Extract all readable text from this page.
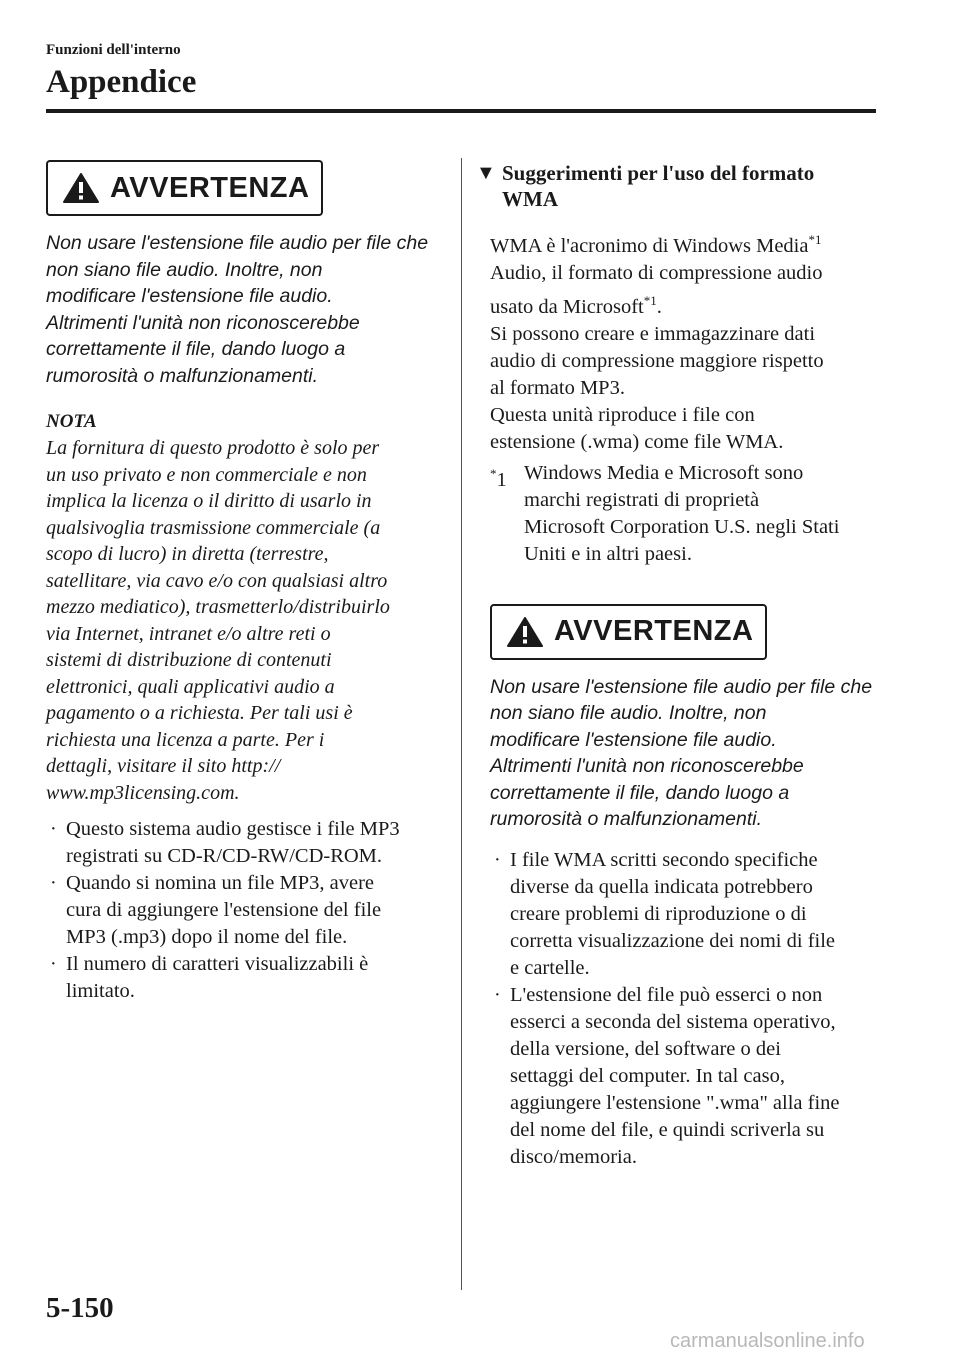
Funzioni dell'interno
Appendice
AVVERTENZA

Non usare l'estensione file audio per file che
non siano file audio. Inoltre, non
modificare l'estensione file audio.
Altrimenti l'unità non riconoscerebbe
correttamente il file, dando luogo a
rumorosità o malfunzionamenti.

NOTA

La fornitura di questo prodotto è solo per
un uso privato e non commerciale e non
implica la licenza o il diritto di usarlo in
qualsivoglia trasmissione commerciale (a
scopo di lucro) in diretta (terrestre,
satellitare, via cavo e/o con qualsiasi altro
mezzo mediatico), trasmetterlo/distribuirlo
via Internet, intranet e/o altre reti o
sistemi di distribuzione di contenuti
elettronici, quali applicativi audio a
pagamento o a richiesta. Per tali usi è
richiesta una licenza a parte. Per i
dettagli, visitare il sito http://
www.mp3licensing.com.

· Questo sistema audio gestisce i file MP3
registrati su CD-R/CD-RW/CD-ROM.
· Quando si nomina un file MP3, avere
cura di aggiungere l'estensione del file
MP3 (.mp3) dopo il nome del file.
· Il numero di caratteri visualizzabili è
limitato.
▼ Suggerimenti per l'uso del formato
WMA

WMA è l'acronimo di Windows Media$^{*1}$
Audio, il formato di compressione audio
usato da Microsoft$^{*1}$.
Si possono creare e immagazzinare dati
audio di compressione maggiore rispetto
al formato MP3.
Questa unità riproduce i file con
estensione (.wma) come file WMA.

*1 Windows Media e Microsoft sono
marchi registrati di proprietà
Microsoft Corporation U.S. negli Stati
Uniti e in altri paesi.
AVVERTENZA

Non usare l'estensione file audio per file che
non siano file audio. Inoltre, non
modificare l'estensione file audio.
Altrimenti l'unità non riconoscerebbe
correttamente il file, dando luogo a
rumorosità o malfunzionamenti.

· I file WMA scritti secondo specifiche
diverse da quella indicata potrebbero
creare problemi di riproduzione o di
corretta visualizzazione dei nomi di file
e cartelle.
· L'estensione del file può esserci o non
esserci a seconda del sistema operativo,
della versione, del software o dei
settaggi del computer. In tal caso,
aggiungere l'estensione ".wma" alla fine
del nome del file, e quindi scriverla su
disco/memoria.
5-150
carmanualsonline.info
